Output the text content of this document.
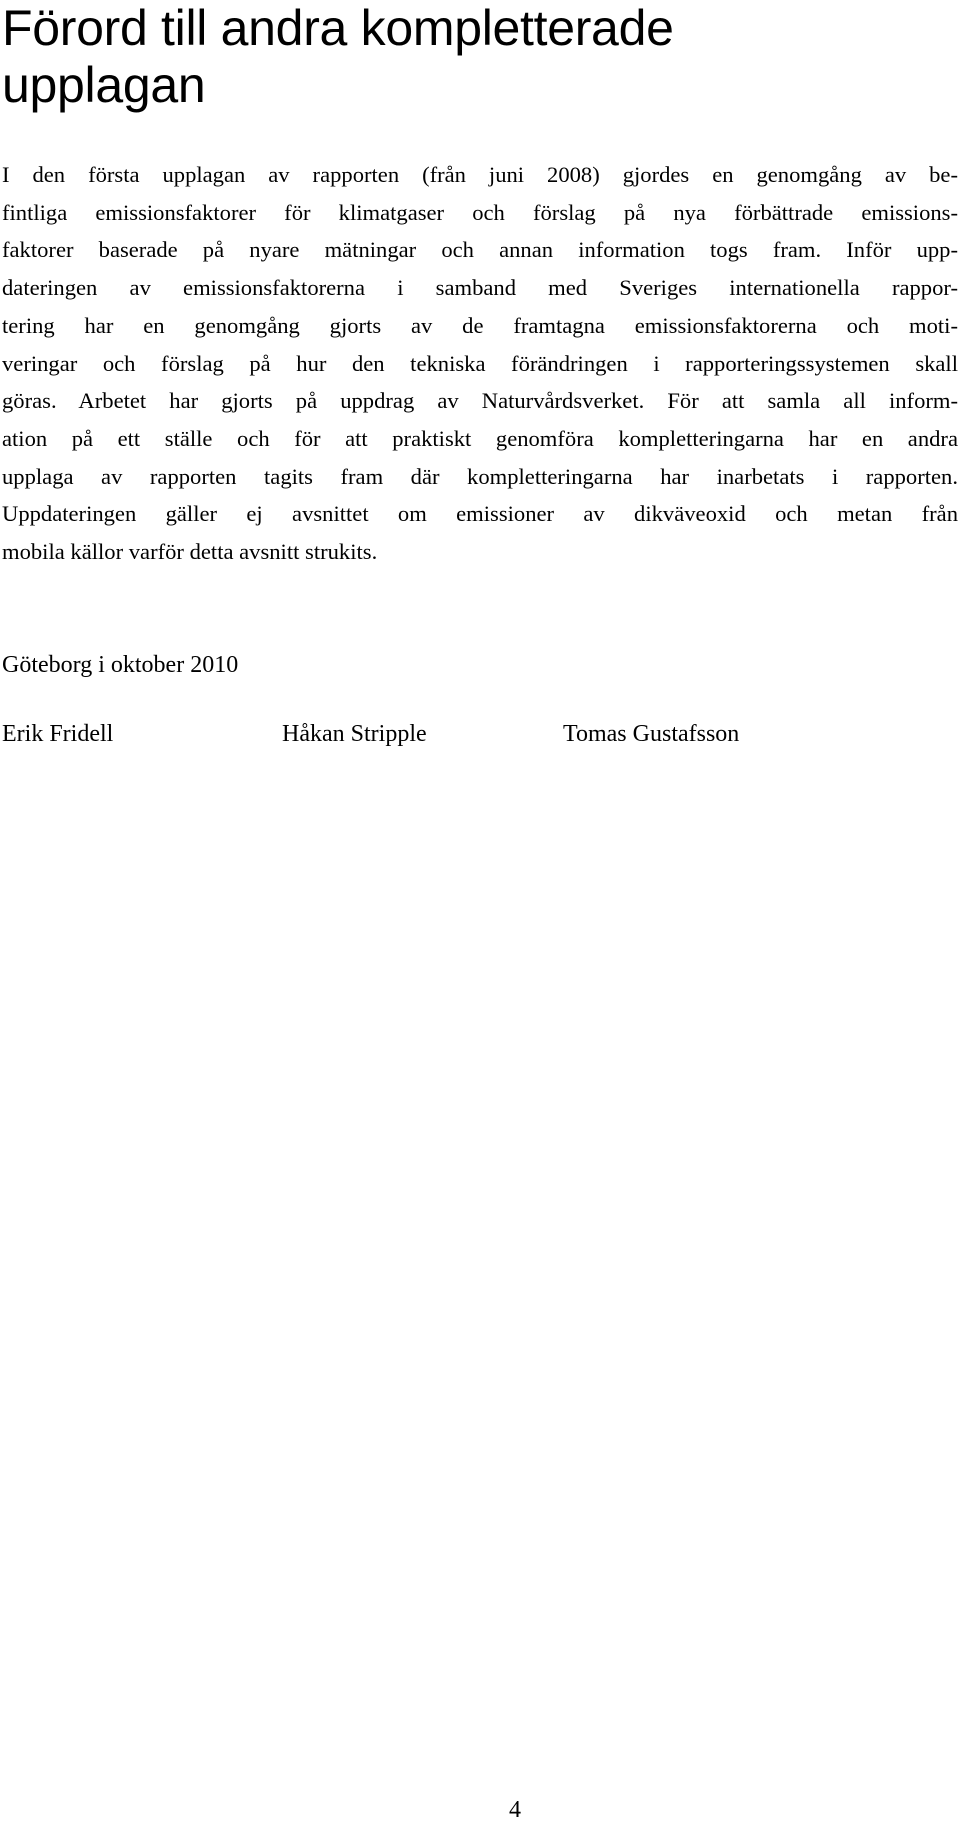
Förord till andra kompletterade
upplagan

I den första upplagan av rapporten (från juni 2008) gjordes en genomgång av be-
fintliga emissionsfaktorer för klimatgaser och förslag på nya förbättrade emissions-
faktorer baserade på nyare mätningar och annan information togs fram. Inför upp-
dateringen av emissionsfaktorerna i samband med Sveriges internationella rappor-
tering har en genomgång gjorts av de framtagna emissionsfaktorerna och moti-
veringar och förslag på hur den tekniska förändringen i rapporteringssystemen skall
göras. Arbetet har gjorts på uppdrag av Naturvårdsverket. För att samla all inform-
ation på ett ställe och för att praktiskt genomföra kompletteringarna har en andra
upplaga av rapporten tagits fram där kompletteringarna har inarbetats i rapporten.
Uppdateringen gäller ej avsnittet om emissioner av dikväveoxid och metan från
mobila källor varför detta avsnitt strukits.

Göteborg i oktober 2010

Erik Fridell	Håkan Stripple	Tomas Gustafsson

4
